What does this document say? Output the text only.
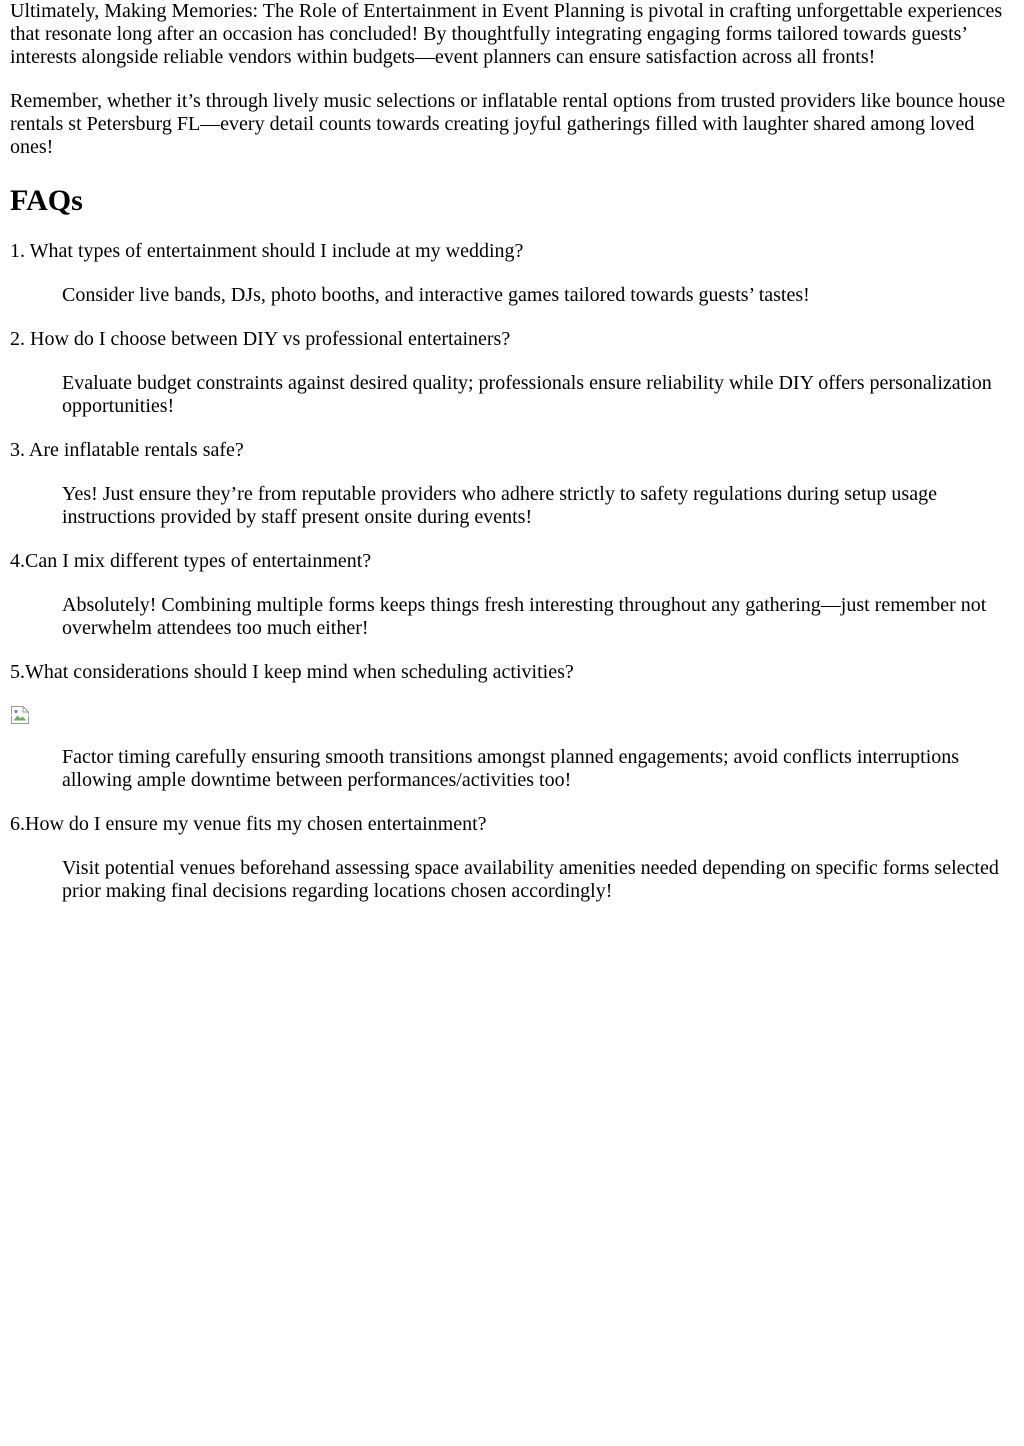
Ultimately, Making Memories: The Role of Entertainment in Event Planning is pivotal in crafting unforgettable experiences that resonate long after an occasion has concluded! By thoughtfully integrating engaging forms tailored towards guests’ interests alongside reliable vendors within budgets—event planners can ensure satisfaction across all fronts!

Remember, whether it’s through lively music selections or inflatable rental options from trusted providers like bounce house rentals st Petersburg FL—every detail counts towards creating joyful gatherings filled with laughter shared among loved ones!

FAQs

1. What types of entertainment should I include at my wedding?

Consider live bands, DJs, photo booths, and interactive games tailored towards guests’ tastes!

2. How do I choose between DIY vs professional entertainers?

Evaluate budget constraints against desired quality; professionals ensure reliability while DIY offers personalization opportunities!

3. Are inflatable rentals safe?

Yes! Just ensure they’re from reputable providers who adhere strictly to safety regulations during setup usage instructions provided by staff present onsite during events!

4.Can I mix different types of entertainment?

Absolutely! Combining multiple forms keeps things fresh interesting throughout any gathering—just remember not overwhelm attendees too much either!

5.What considerations should I keep mind when scheduling activities?

Factor timing carefully ensuring smooth transitions amongst planned engagements; avoid conflicts interruptions allowing ample downtime between performances/activities too!

6.How do I ensure my venue fits my chosen entertainment?

Visit potential venues beforehand assessing space availability amenities needed depending on specific forms selected prior making final decisions regarding locations chosen accordingly!
